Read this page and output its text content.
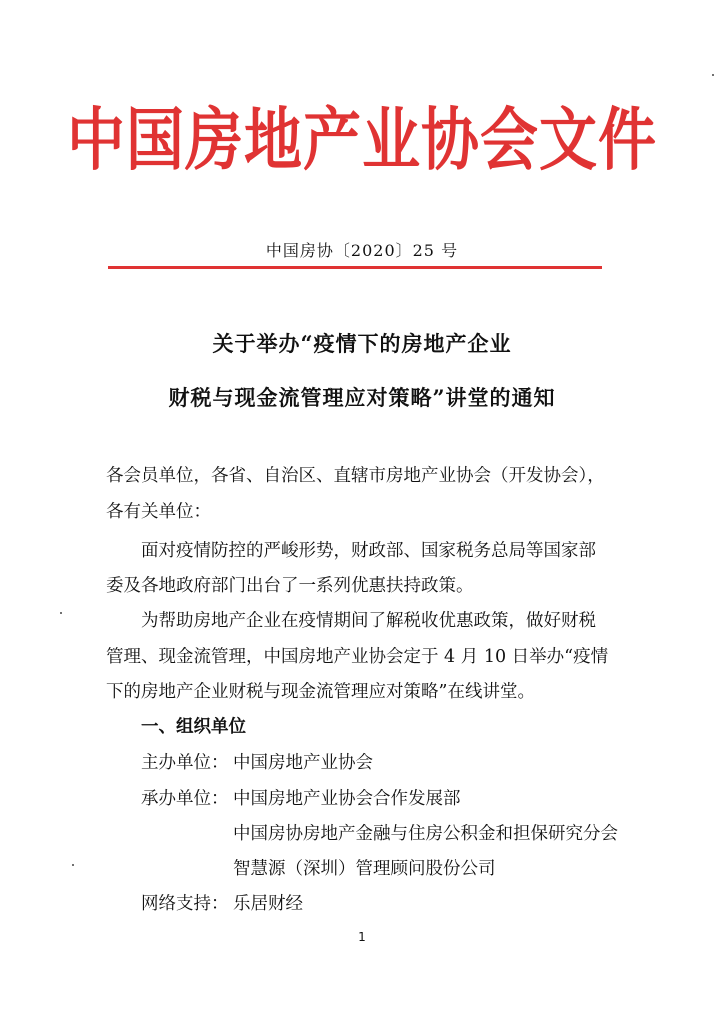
中国房地产业协会文件
中国房协〔2020〕25 号
关于举办“疫情下的房地产企业
财税与现金流管理应对策略”讲堂的通知
各会员单位，各省、自治区、直辖市房地产业协会（开发协会），
各有关单位：
面对疫情防控的严峻形势，财政部、国家税务总局等国家部
委及各地政府部门出台了一系列优惠扶持政策。
为帮助房地产企业在疫情期间了解税收优惠政策，做好财税
管理、现金流管理，中国房地产业协会定于 4 月 10 日举办“疫情
下的房地产企业财税与现金流管理应对策略”在线讲堂。
一、组织单位
主办单位： 中国房地产业协会
承办单位： 中国房地产业协会合作发展部
中国房协房地产金融与住房公积金和担保研究分会
智慧源（深圳）管理顾问股份公司
网络支持： 乐居财经
1
